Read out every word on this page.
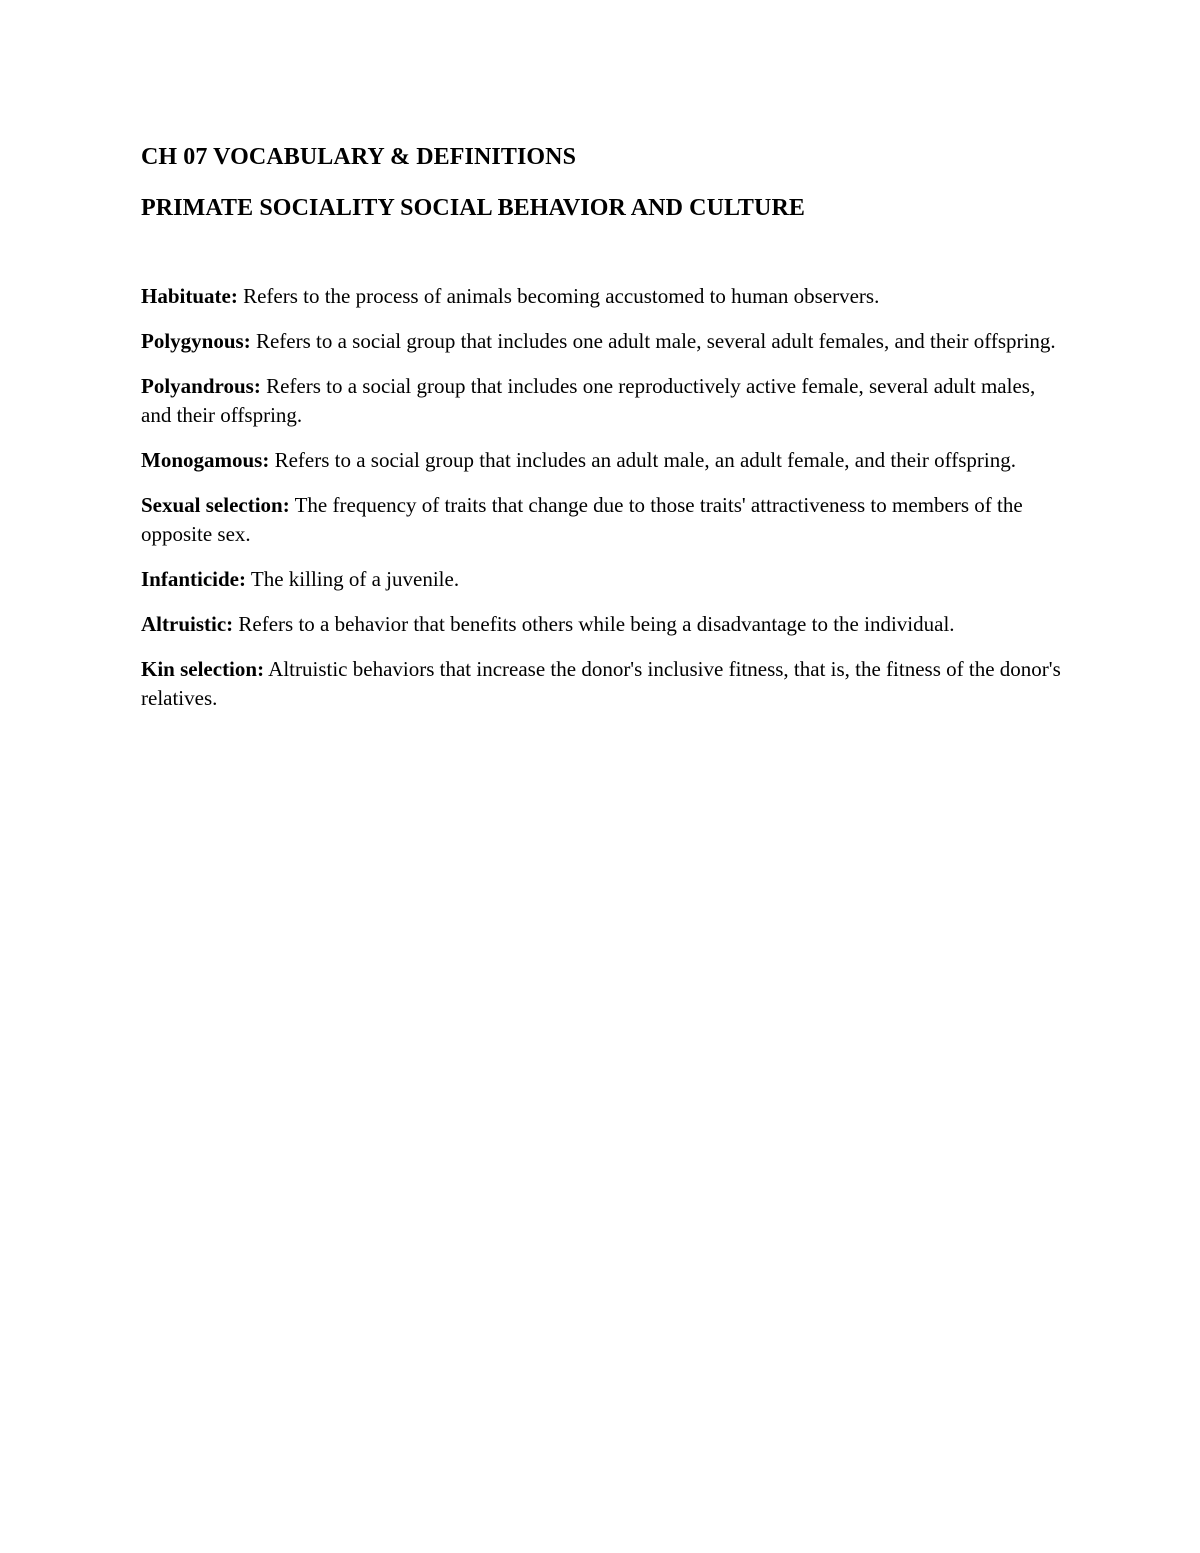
CH 07 VOCABULARY & DEFINITIONS
PRIMATE SOCIALITY SOCIAL BEHAVIOR AND CULTURE

Habituate: Refers to the process of animals becoming accustomed to human observers.

Polygynous: Refers to a social group that includes one adult male, several adult females, and their offspring.

Polyandrous: Refers to a social group that includes one reproductively active female, several adult males, and their offspring.

Monogamous: Refers to a social group that includes an adult male, an adult female, and their offspring.

Sexual selection: The frequency of traits that change due to those traits' attractiveness to members of the opposite sex.

Infanticide: The killing of a juvenile.

Altruistic: Refers to a behavior that benefits others while being a disadvantage to the individual.

Kin selection: Altruistic behaviors that increase the donor's inclusive fitness, that is, the fitness of the donor's relatives.
